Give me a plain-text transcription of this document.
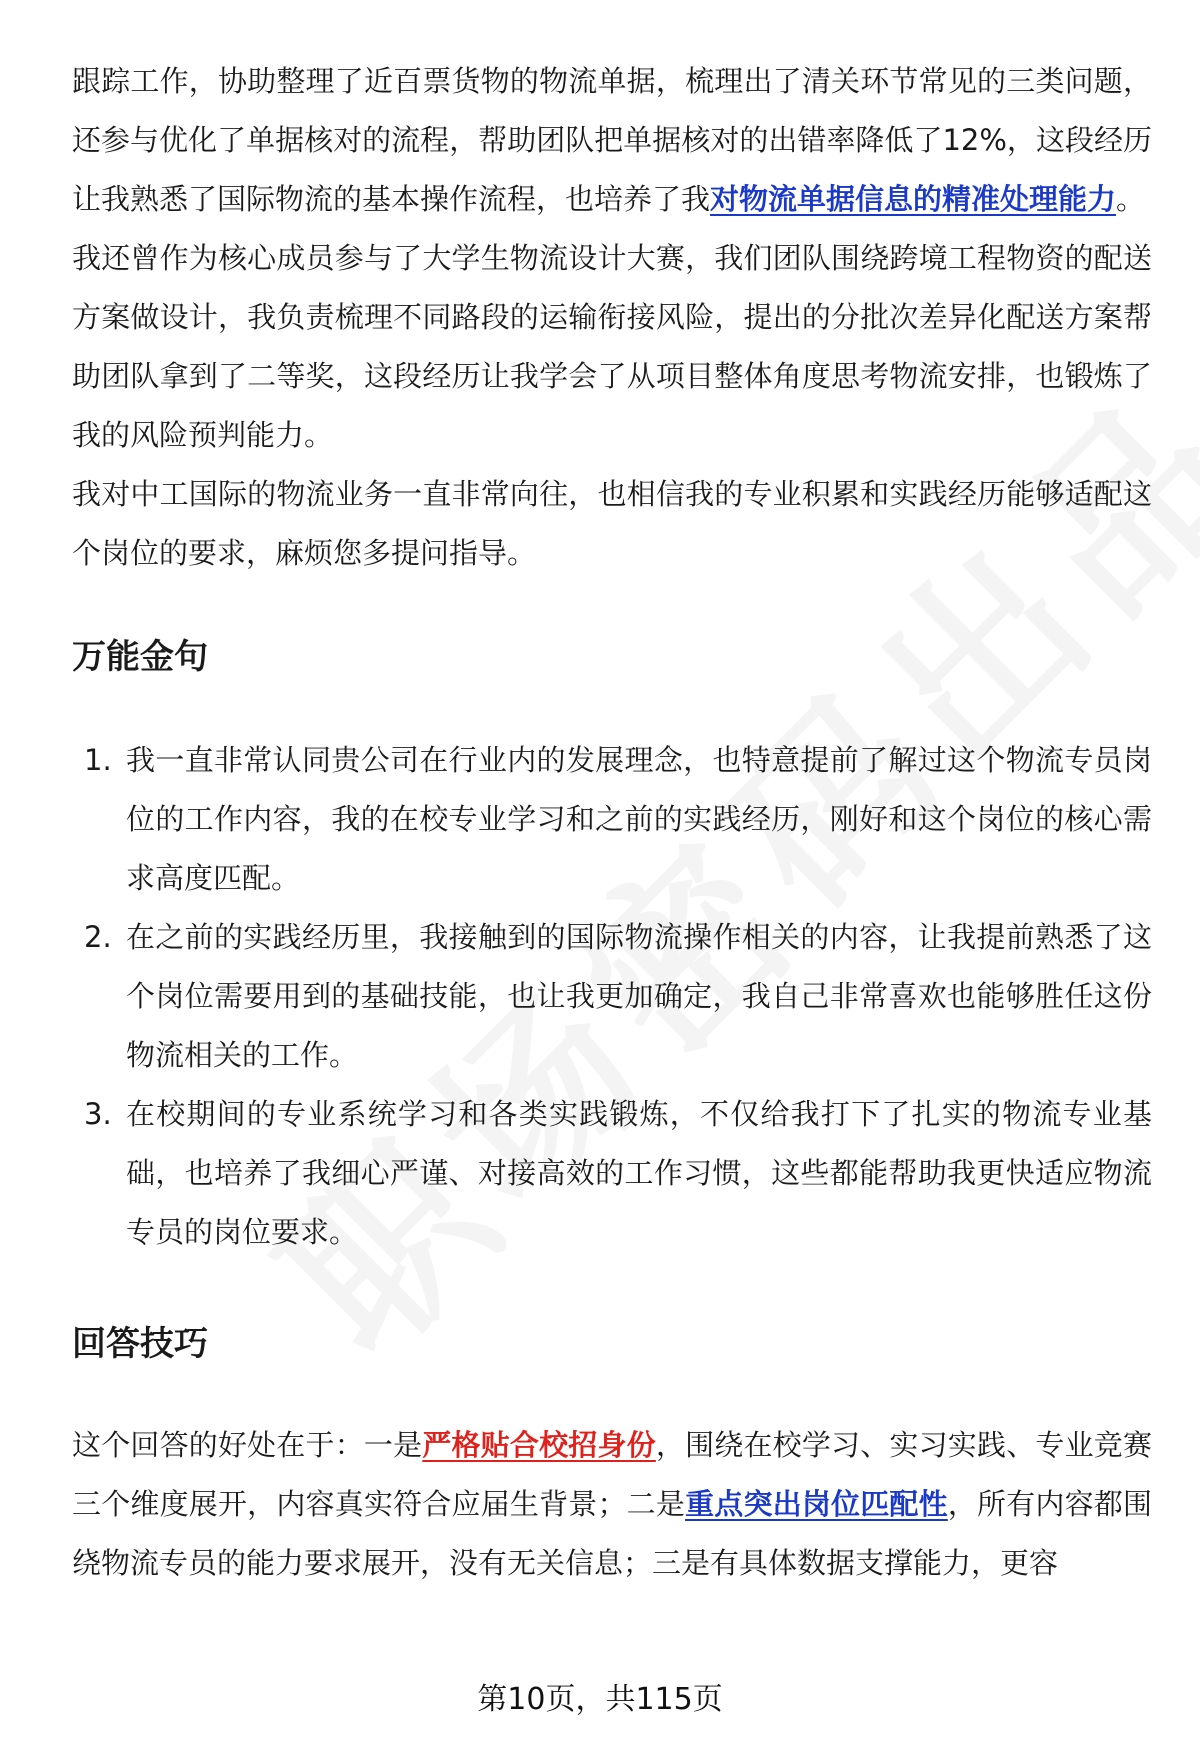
跟踪工作，协助整理了近百票货物的物流单据，梳理出了清关环节常见的三类问题，还参与优化了单据核对的流程，帮助团队把单据核对的出错率降低了12%，这段经历让我熟悉了国际物流的基本操作流程，也培养了我对物流单据信息的精准处理能力。

我还曾作为核心成员参与了大学生物流设计大赛，我们团队围绕跨境工程物资的配送方案做设计，我负责梳理不同路段的运输衔接风险，提出的分批次差异化配送方案帮助团队拿到了二等奖，这段经历让我学会了从项目整体角度思考物流安排，也锻炼了我的风险预判能力。

我对中工国际的物流业务一直非常向往，也相信我的专业积累和实践经历能够适配这个岗位的要求，麻烦您多提问指导。

万能金句
1. 我一直非常认同贵公司在行业内的发展理念，也特意提前了解过这个物流专员岗位的工作内容，我的在校专业学习和之前的实践经历，刚好和这个岗位的核心需求高度匹配。
2. 在之前的实践经历里，我接触到的国际物流操作相关的内容，让我提前熟悉了这个岗位需要用到的基础技能，也让我更加确定，我自己非常喜欢也能够胜任这份物流相关的工作。
3. 在校期间的专业系统学习和各类实践锻炼，不仅给我打下了扎实的物流专业基础，也培养了我细心严谨、对接高效的工作习惯，这些都能帮助我更快适应物流专员的岗位要求。
回答技巧

这个回答的好处在于：一是严格贴合校招身份，围绕在校学习、实习实践、专业竞赛三个维度展开，内容真实符合应届生背景；二是重点突出岗位匹配性，所有内容都围绕物流专员的能力要求展开，没有无关信息；三是有具体数据支撑能力，更容

第10页，共115页
